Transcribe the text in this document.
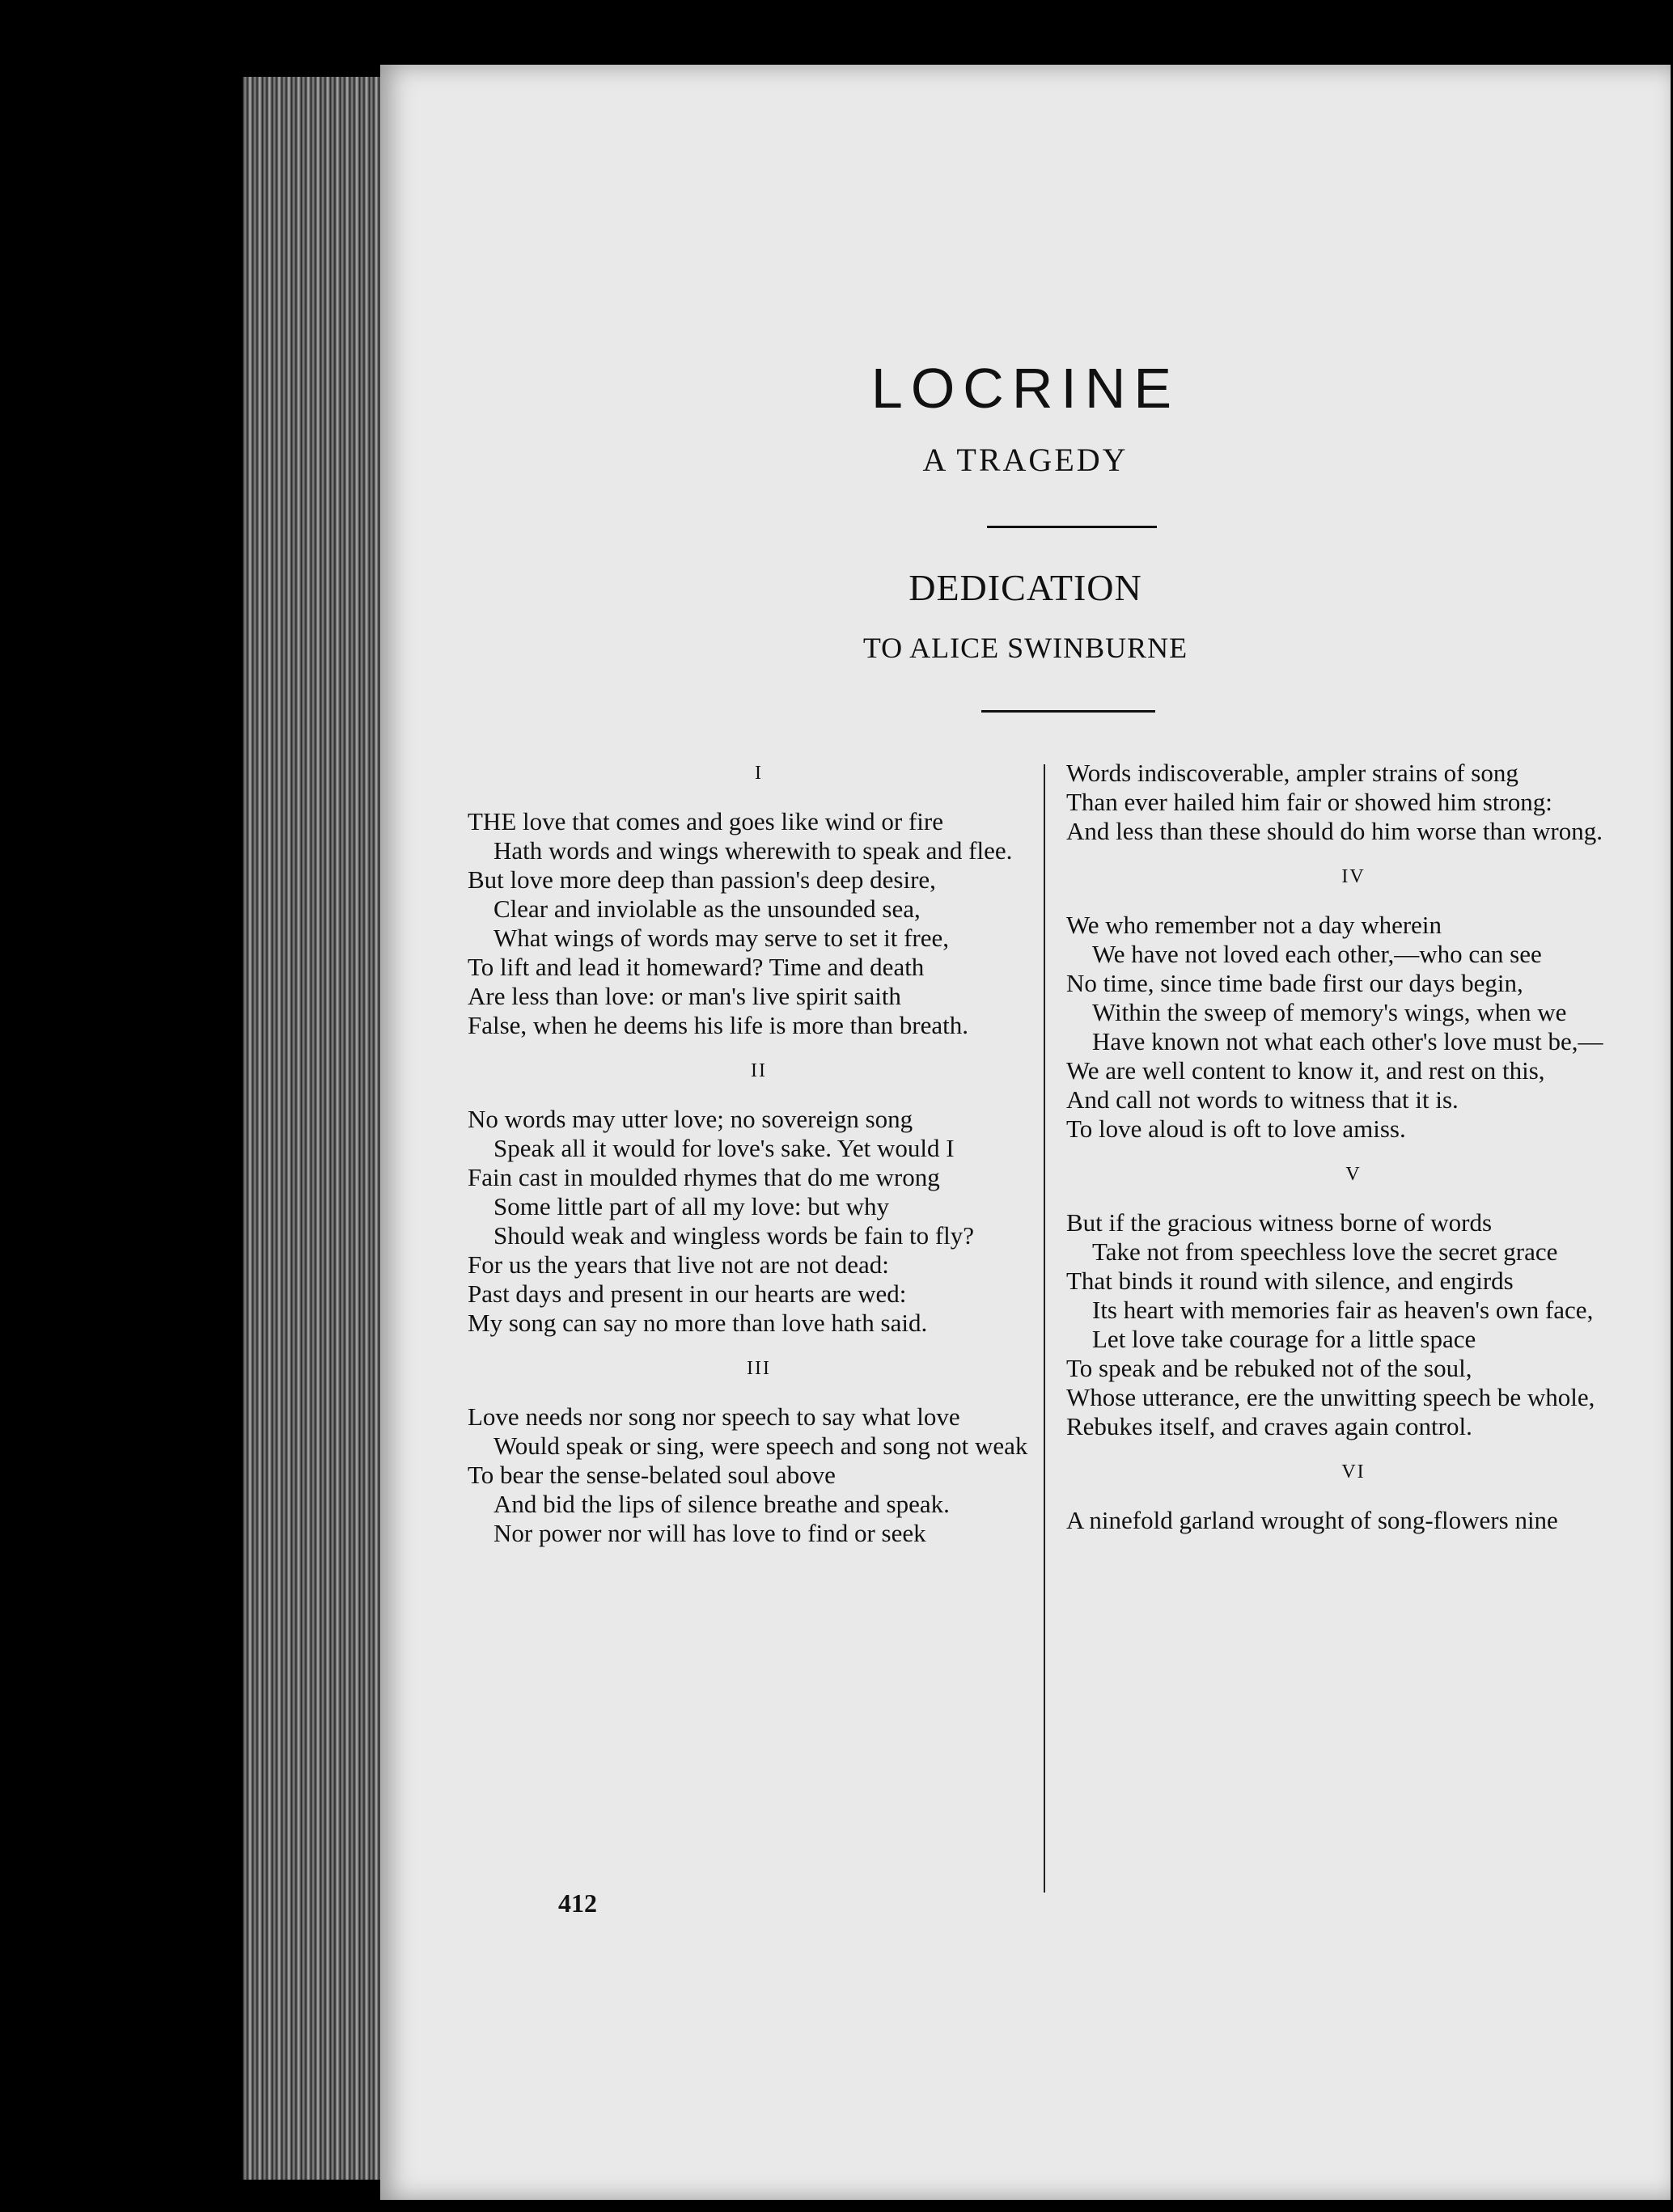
LOCRINE
A TRAGEDY
DEDICATION
TO ALICE SWINBURNE
I
THE love that comes and goes like wind or fire
Hath words and wings wherewith to speak and flee.
But love more deep than passion's deep desire,
Clear and inviolable as the unsounded sea,
What wings of words may serve to set it free,
To lift and lead it homeward? Time and death
Are less than love: or man's live spirit saith
False, when he deems his life is more than breath.
II
No words may utter love; no sovereign song
Speak all it would for love's sake. Yet would I
Fain cast in moulded rhymes that do me wrong
Some little part of all my love: but why
Should weak and wingless words be fain to fly?
For us the years that live not are not dead:
Past days and present in our hearts are wed:
My song can say no more than love hath said.
III
Love needs nor song nor speech to say what love
Would speak or sing, were speech and song not weak
To bear the sense-belated soul above
And bid the lips of silence breathe and speak.
Nor power nor will has love to find or seek
412
Words indiscoverable, ampler strains of song
Than ever hailed him fair or showed him strong:
And less than these should do him worse than wrong.
IV
We who remember not a day wherein
We have not loved each other,—who can see
No time, since time bade first our days begin,
Within the sweep of memory's wings, when we
Have known not what each other's love must be,—
We are well content to know it, and rest on this,
And call not words to witness that it is.
To love aloud is oft to love amiss.
V
But if the gracious witness borne of words
Take not from speechless love the secret grace
That binds it round with silence, and engirds
Its heart with memories fair as heaven's own face,
Let love take courage for a little space
To speak and be rebuked not of the soul,
Whose utterance, ere the unwitting speech be whole,
Rebukes itself, and craves again control.
VI
A ninefold garland wrought of song-flowers nine
